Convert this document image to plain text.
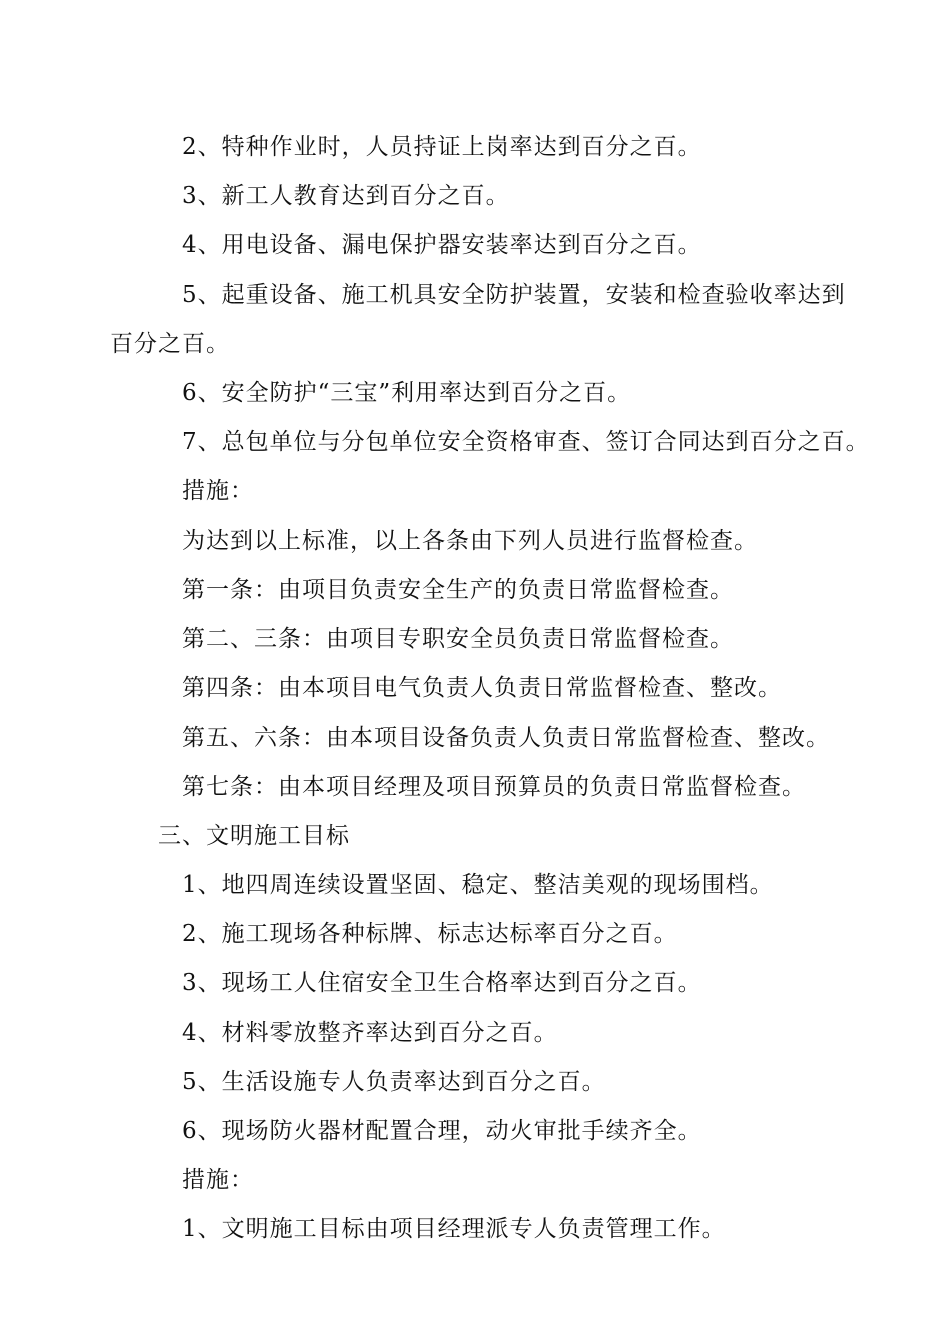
2、特种作业时，人员持证上岗率达到百分之百。
3、新工人教育达到百分之百。
4、用电设备、漏电保护器安装率达到百分之百。
5、起重设备、施工机具安全防护装置，安装和检查验收率达到
百分之百。
6、安全防护“三宝”利用率达到百分之百。
7、总包单位与分包单位安全资格审查、签订合同达到百分之百。
措施：
为达到以上标准，以上各条由下列人员进行监督检查。
第一条：由项目负责安全生产的负责日常监督检查。
第二、三条：由项目专职安全员负责日常监督检查。
第四条：由本项目电气负责人负责日常监督检查、整改。
第五、六条：由本项目设备负责人负责日常监督检查、整改。
第七条：由本项目经理及项目预算员的负责日常监督检查。
三、文明施工目标
1、地四周连续设置坚固、稳定、整洁美观的现场围档。
2、施工现场各种标牌、标志达标率百分之百。
3、现场工人住宿安全卫生合格率达到百分之百。
4、材料零放整齐率达到百分之百。
5、生活设施专人负责率达到百分之百。
6、现场防火器材配置合理，动火审批手续齐全。
措施：
1、文明施工目标由项目经理派专人负责管理工作。
